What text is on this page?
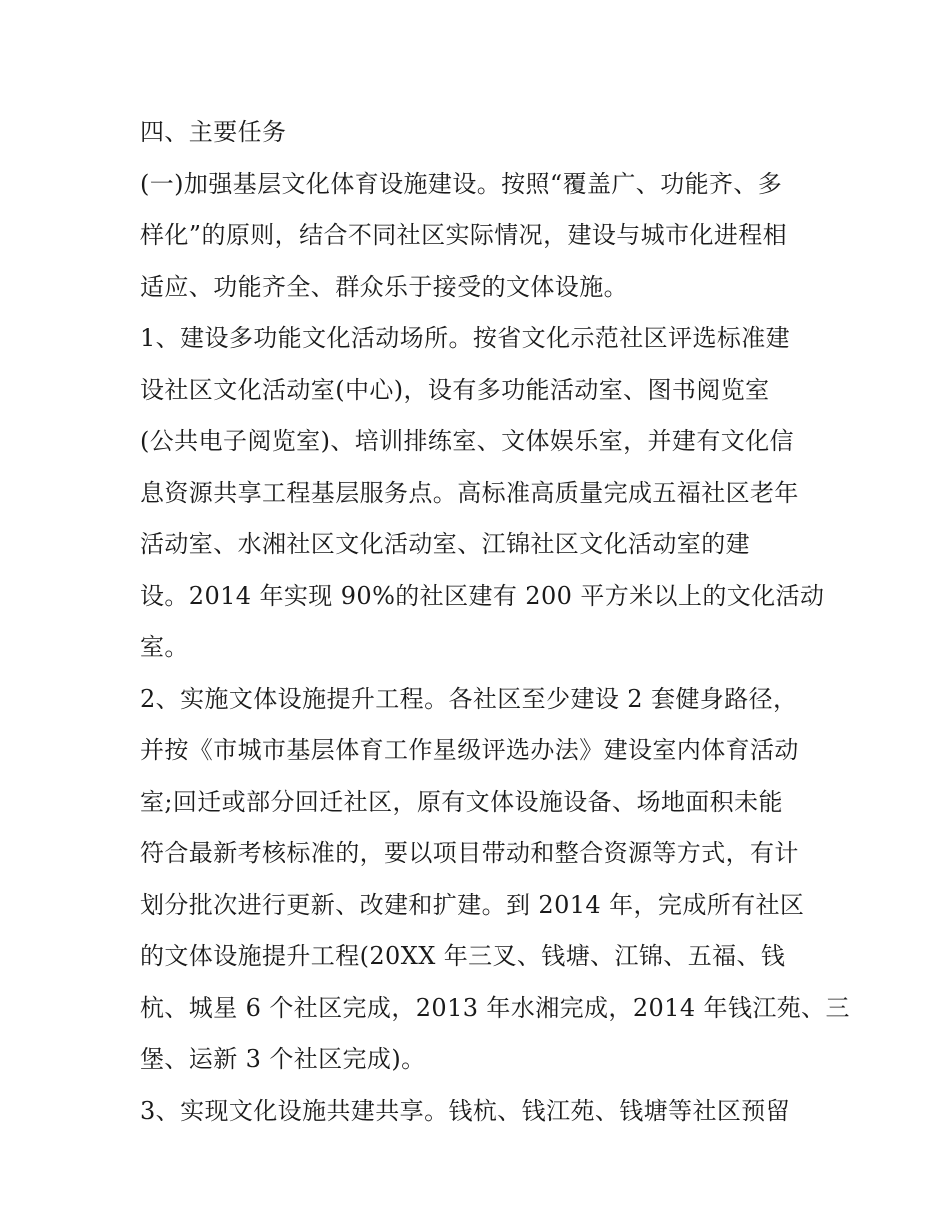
四、主要任务
(一)加强基层文化体育设施建设。按照“覆盖广、功能齐、多
样化”的原则，结合不同社区实际情况，建设与城市化进程相
适应、功能齐全、群众乐于接受的文体设施。
1、建设多功能文化活动场所。按省文化示范社区评选标准建
设社区文化活动室(中心)，设有多功能活动室、图书阅览室
(公共电子阅览室)、培训排练室、文体娱乐室，并建有文化信
息资源共享工程基层服务点。高标准高质量完成五福社区老年
活动室、水湘社区文化活动室、江锦社区文化活动室的建
设。2014 年实现 90%的社区建有 200 平方米以上的文化活动
室。
2、实施文体设施提升工程。各社区至少建设 2 套健身路径，
并按《市城市基层体育工作星级评选办法》建设室内体育活动
室;回迁或部分回迁社区，原有文体设施设备、场地面积未能
符合最新考核标准的，要以项目带动和整合资源等方式，有计
划分批次进行更新、改建和扩建。到 2014 年，完成所有社区
的文体设施提升工程(20XX 年三叉、钱塘、江锦、五福、钱
杭、城星 6 个社区完成，2013 年水湘完成，2014 年钱江苑、三
堡、运新 3 个社区完成)。
3、实现文化设施共建共享。钱杭、钱江苑、钱塘等社区预留
